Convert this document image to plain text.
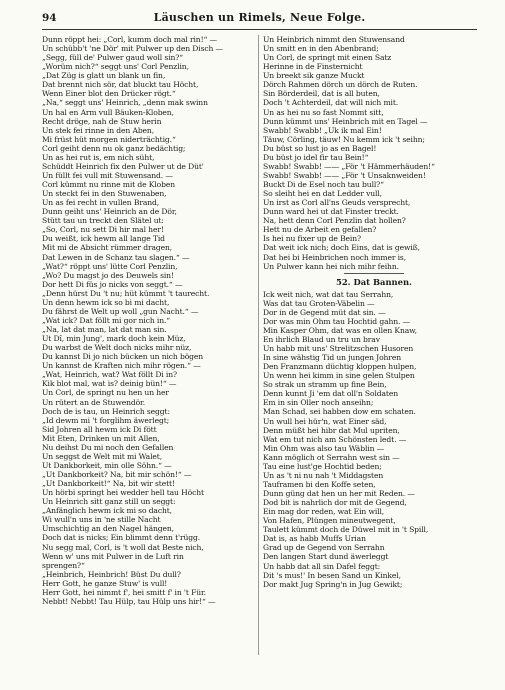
94	Läuschen un Rimels, Neue Folge.
Dunn röppt hei: „Corl, kumm doch mal rin!“ —
Un schübb't 'ne Dör' mit Pulwer up den Disch —
„Segg, füll de' Pulwer gaud woll sin?“
„Worüm nich?“ seggt uns' Corl Penzlin,
„Dat Züg is glatt un blank un fin,
Dat brennt nich sör, dat bluckt tau Höcht,
Wenn Einer blot den Drücker rögt.“
„Na,“ seggt uns' Heinrich, „denn mak swinn
Un hal en Arm vull Bäuken-Kloben,
Recht dröge, nah de Stuw herin
Un stek fei rinne in den Aben,
Mi früst hüt morgen niderträchtig.“
Corl geiht denn nu ok ganz bedächtig;
Un as hei rut is, em nich süht,
Schüddt Heinrich fix den Pulwer ut de Düt'
Un füllt fei vull mit Stuwensand. —
Corl kümmt nu rinne mit de Kloben
Un steckt fei in den Stuwenaben,
Un as fei recht in vullen Brand,
Dunn geiht uns' Heinrich an de Dör,
Stütt tau un treckt den Slätel ut:
„So, Corl, nu sett Di hir mal her!
Du weißt, ick hewm all lange Tid
Mit mi de Absicht rümmer dragen,
Dat Lewen in de Schanz tau slagen.“ —
„Wat?“ röppt uns' lütte Corl Penzlin,
„Wo? Du magst jo des Deuwels sin!
Dor hett Di füs jo nicks von seggt.“ —
„Denn hürst Du 't nu; hüt kümmt 't taurecht.
Un denn hewm ick so bi mi dacht,
Du fährst de Welt up woll „gun Nacht.“ —
„Wat ick? Dat föllt mi gor nich in.“
„Na, lat dat man, lat dat man sin.
Ut Dî, min Jung', mark doch kein Müz,
Du warbst de Welt doch nicks mihr nüz,
Du kannst Di jo nich bücken un nich bögen
Un kannst de Kraften nich mihr rögen.“ —
„Wat, Heinrich, wat? Wat föllt Di in?
Kik blot mal, wat is? deinig bün!“ —
Un Corl, de springt nu hen un her
Un rütert an de Stuwendör.
Doch de is tau, un Heinrich seggt:
„Id dewm mi 't forglihm äwerlegt;
Sid Johren all hewm ick Di fött
Mit Eten, Drinken un mit Allen,
Nu deihst Du mi noch den Gefallen
Un seggst de Welt mit mi Walet,
Ut Dankborkeit, min olle Söhn.“ —
„Ut Dankborkeit? Na, bit mir schön!“ —
„Ut Dankborkeit!“ Na, bit wir stett!
Un hörbi springt hei wedder hell tau Höcht
Un Heinrich sitt ganz still un seggt:
„Anfänglich hewm ick mi so dacht,
Wi wull'n uns in 'ne stille Nacht
Umschichtig an den Nagel hängen,
Doch dat is nicks; Ein blimmt denn t'rügg.
Nu segg mal, Corl, is 't woll dat Beste nich,
Wenn w' uns mit Pulwer in de Luft rin
sprengen?“
„Heinbrich, Heinbrich! Büst Du dull?
Herr Gott, he ganze Stuw' is vull!
Herr Gott, hei nimmt f', hei smitt f' in 't Für.
Nebbt! Nebbt! Tau Hülp, tau Hülp uns hir!“ —
Un Heinbrich nimmt den Stuwensand
Un smitt en in den Abenbrand;
Un Corl, de springt mit einen Satz
Herinne in de Finsternicht
Un breekt sik ganze Muckt
Dörch Rahmen dörch un dörch de Ruten.
Sin Börderdeil, dat is all buten,
Doch 't Achterdeil, dat will nich mit.
Un as hei nu so fast Nommt sitt,
Dunn kümmt uns' Heinbrich mit en Tagel —
Swabb! Swabb! „Uk ik mal Ein!
Täuw, Cörling, täuw! Nu kemm ick 't seihn;
Du büst so lust jo as en Bagel!
Du büst jo idel fir tau Bein!“
Swabb! Swabb! —— „För 't Hämmerhäuden!“
Swabb! Swabb! —— „För 't Unsaknweiden!
Buckt Di de Esel noch tau bull?“
So sleiht hei en dat Ledder vull,
Un irst as Corl all'ns Geuds versprecht,
Dunn ward hei ut dat Finster treckt.
Na, hett denn Corl Penzlin dat hollen?
Hett nu de Arbeit en gefallen?
Is hei nu fixer up de Bein?
Dat weit ick nich; doch Eins, dat is gewiß,
Dat hei bi Heinbrichen noch immer is,
Un Pulwer kann hei nich mihr feihn.
52. Dat Bannen.
Ick weit nich, wat dat tau Serrahn,
Was dat tau Groten-Väbelin —
Dor in de Gegend müt dat sin. —
Dor was min Ohm tau Hochtid gahn. —
Min Kasper Ohm, dat was en ollen Knaw,
En ihrlich Blaud un tru un brav
Un habb mit uns' Strelitzschen Husoren
In sine wähstig Tid un jungen Johren
Den Franzmann düchtig kloppen hulpen,
Un wenn hei kimm in sine gelen Stulpen
So strak un stramm up fine Bein,
Denn kunnt Ji 'em dat oll'n Soldaten
Em in sin Oller noch anseihn;
Man Schad, sei habben dow em schaten.
Un wull hei hür'n, wat Einer säd,
Denn müßt hei hibr dat Mul upriten,
Wat em tut nich am Schönsten ledt. —
Min Ohm was also tau Wäblin —
Kann möglich ot Serrahn west sin —
Tau eine lust'ge Hochtid beden;
Un as 't ni nu nah 't Middagsten
Tauframen bi den Koffe seten,
Dunn güng dat hen un her mit Reden. —
Dod bit is nahrlich dor mit de Gegend,
Ein mag dor reden, wat Ein will,
Von Hafen, Plüngen mineutwegent,
Taulett kümmt doch de Düwel mit in 't Spill,
Dat is, as habb Muffs Urian
Grad up de Gegend von Serrahn
Den langen Start dund äwerleggt
Un habb dat all sin Dafel feggt:
Dit 's mus!' In besen Sand un Kinkel,
Dor makt Jug Spring'n in Jug Gewikt;
